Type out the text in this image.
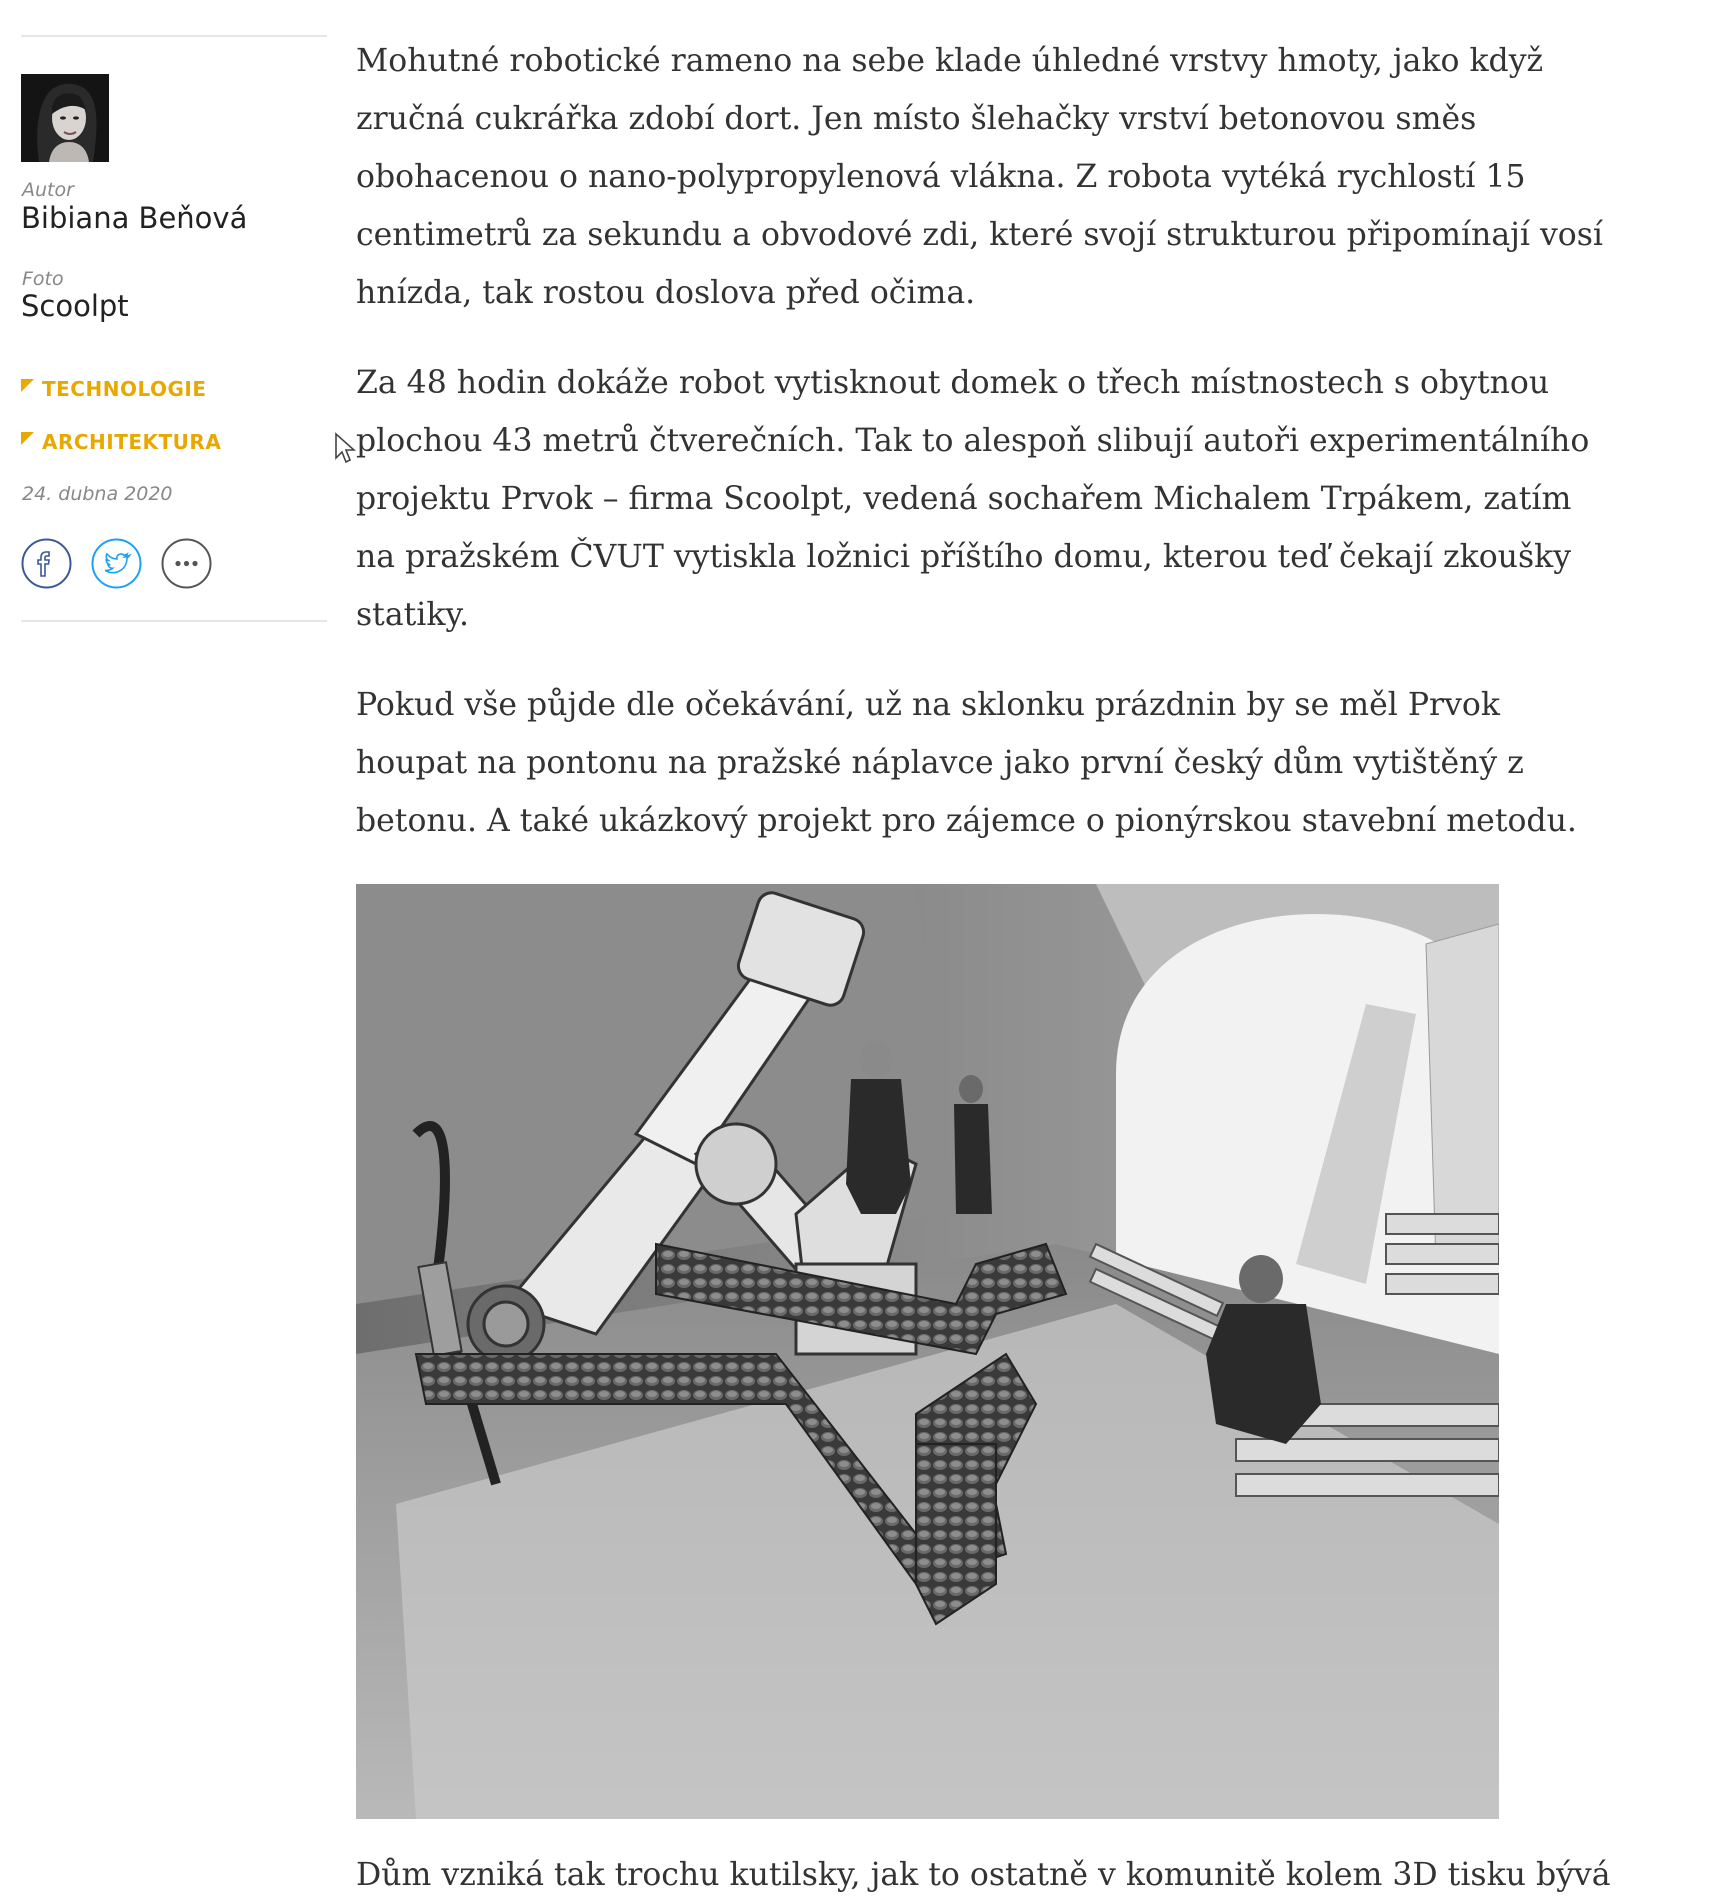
Autor
Bibiana Beňová
Foto
Scoolpt
TECHNOLOGIE
ARCHITEKTURA
24. dubna 2020

Mohutné robotické rameno na sebe klade úhledné vrstvy hmoty, jako když zručná cukrářka zdobí dort. Jen místo šlehačky vrství betonovou směs obohacenou o nano-polypropylenová vlákna. Z robota vytéká rychlostí 15 centimetrů za sekundu a obvodové zdi, které svojí strukturou připomínají vosí hnízda, tak rostou doslova před očima.

Za 48 hodin dokáže robot vytisknout domek o třech místnostech s obytnou plochou 43 metrů čtverečních. Tak to alespoň slibují autoři experimentálního projektu Prvok – firma Scoolpt, vedená sochařem Michalem Trpákem, zatím na pražském ČVUT vytiskla ložnici příštího domu, kterou teď čekají zkoušky statiky.

Pokud vše půjde dle očekávání, už na sklonku prázdnin by se měl Prvok houpat na pontonu na pražské náplavce jako první český dům vytištěný z betonu. A také ukázkový projekt pro zájemce o pionýrskou stavební metodu.

Dům vzniká tak trochu kutilsky, jak to ostatně v komunitě kolem 3D tisku bývá
